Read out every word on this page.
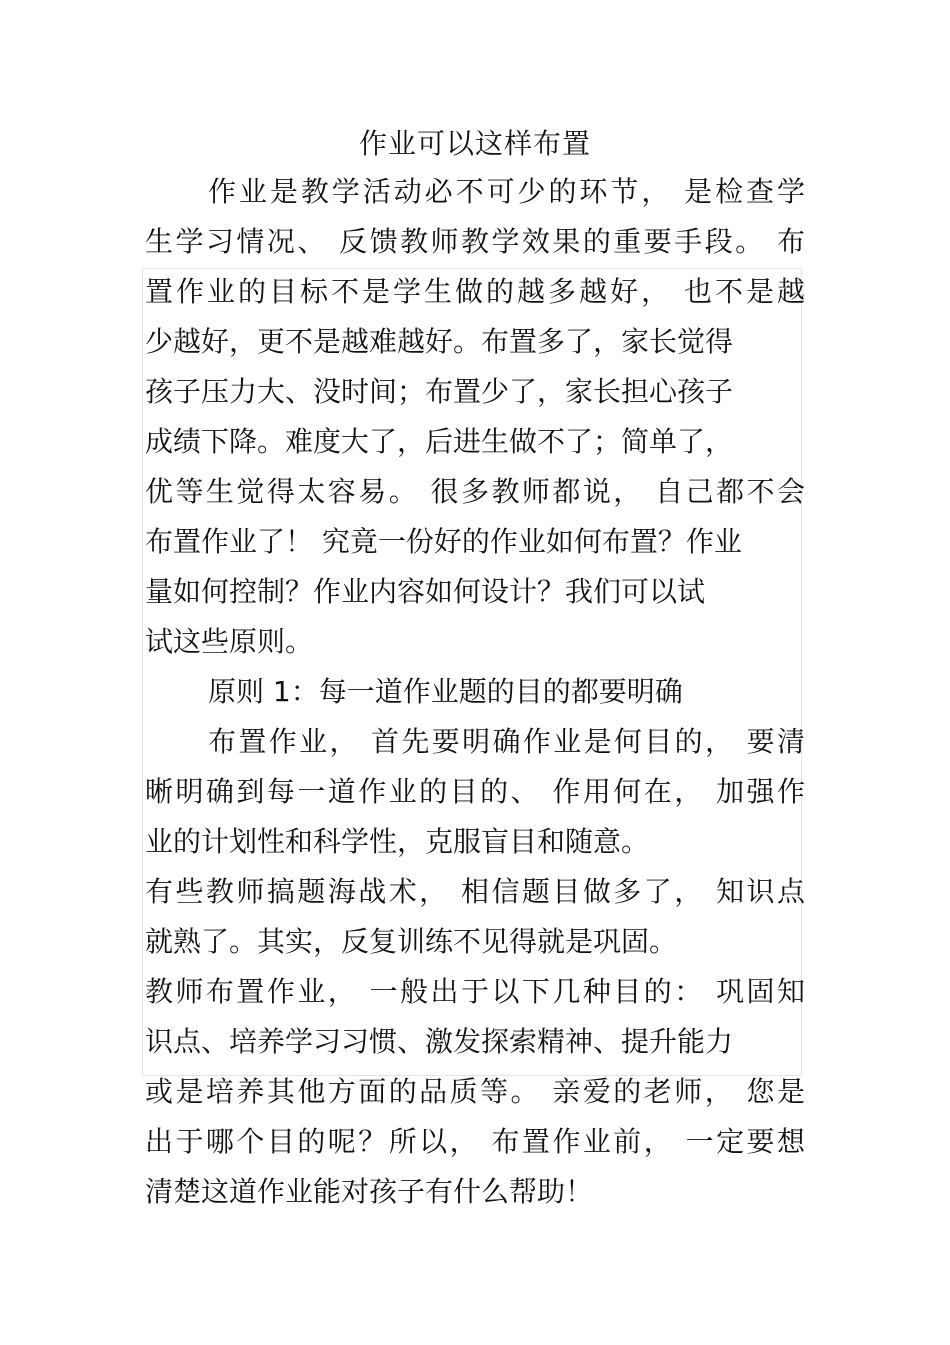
作业可以这样布置
作业是教学活动必不可少的环节， 是检查学
生学习情况、 反馈教师教学效果的重要手段。 布
置作业的目标不是学生做的越多越好， 也不是越
少越好，更不是越难越好。布置多了，家长觉得
孩子压力大、没时间；布置少了，家长担心孩子
成绩下降。难度大了，后进生做不了；简单了，
优等生觉得太容易。 很多教师都说， 自己都不会
布置作业了！ 究竟一份好的作业如何布置？作业
量如何控制？作业内容如何设计？我们可以试
试这些原则。
原则 1：每一道作业题的目的都要明确
布置作业， 首先要明确作业是何目的， 要清
晰明确到每一道作业的目的、 作用何在， 加强作
业的计划性和科学性，克服盲目和随意。
有些教师搞题海战术， 相信题目做多了， 知识点
就熟了。其实，反复训练不见得就是巩固。
教师布置作业， 一般出于以下几种目的： 巩固知
识点、培养学习习惯、激发探索精神、提升能力
或是培养其他方面的品质等。 亲爱的老师， 您是
出于哪个目的呢？所以， 布置作业前， 一定要想
清楚这道作业能对孩子有什么帮助！
